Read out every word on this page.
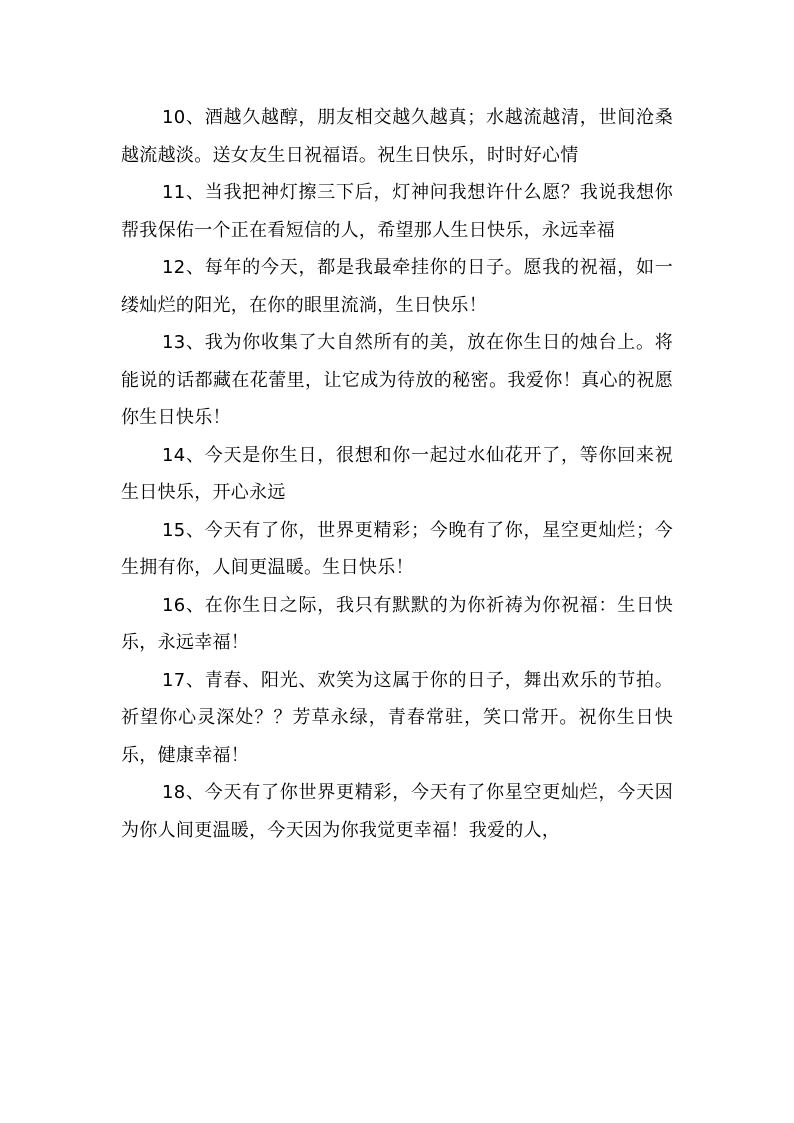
10、酒越久越醇，朋友相交越久越真；水越流越清，世间沧桑越流越淡。送女友生日祝福语。祝生日快乐，时时好心情

11、当我把神灯擦三下后，灯神问我想许什么愿？我说我想你帮我保佑一个正在看短信的人，希望那人生日快乐，永远幸福

12、每年的今天，都是我最牵挂你的日子。愿我的祝福，如一缕灿烂的阳光，在你的眼里流淌，生日快乐！

13、我为你收集了大自然所有的美，放在你生日的烛台上。将能说的话都藏在花蕾里，让它成为待放的秘密。我爱你！真心的祝愿你生日快乐！

14、今天是你生日，很想和你一起过水仙花开了，等你回来祝生日快乐，开心永远

15、今天有了你，世界更精彩；今晚有了你，星空更灿烂；今生拥有你，人间更温暖。生日快乐！

16、在你生日之际，我只有默默的为你祈祷为你祝福：生日快乐，永远幸福！

17、青春、阳光、欢笑为这属于你的日子，舞出欢乐的节拍。祈望你心灵深处？？芳草永绿，青春常驻，笑口常开。祝你生日快乐，健康幸福！

18、今天有了你世界更精彩，今天有了你星空更灿烂，今天因为你人间更温暖，今天因为你我觉更幸福！我爱的人，
